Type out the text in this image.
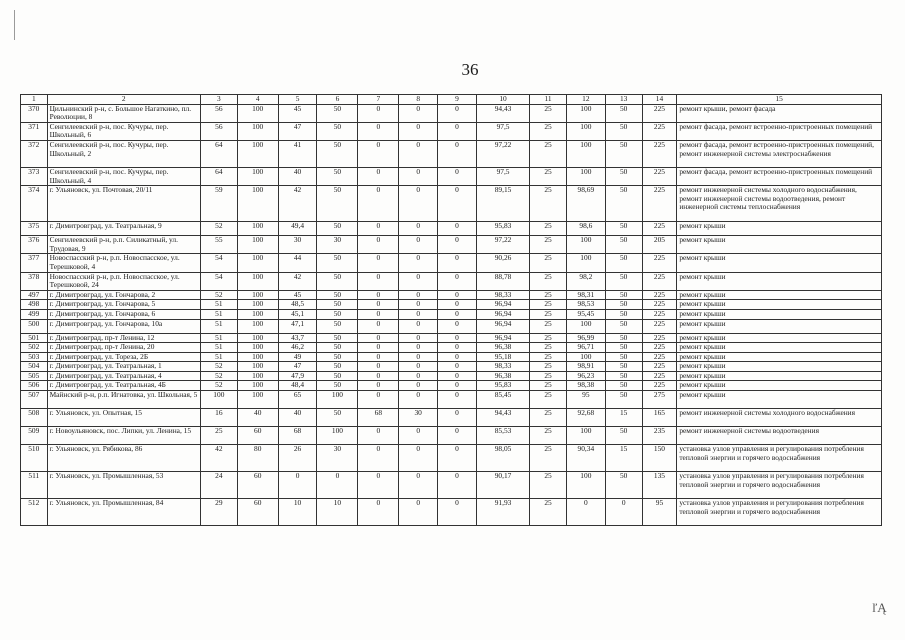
36
1	2	3	4	5	6	7	8	9	10	11	12	13	14	15
370	Цильнинский р-н, с. Большое Нагаткино, пл. Революции, 8	56	100	45	50	0	0	0	94,43	25	100	50	225	ремонт крыши, ремонт фасада
371	Сенгилеевский р-н, пос. Кучуры, пер. Школьный, 6	56	100	47	50	0	0	0	97,5	25	100	50	225	ремонт фасада, ремонт встроенно-пристроенных помещений
372	Сенгилеевский р-н, пос. Кучуры, пер. Школьный, 2	64	100	41	50	0	0	0	97,22	25	100	50	225	ремонт фасада, ремонт встроенно-пристроенных помещений, ремонт инженерной системы электроснабжения
373	Сенгилеевский р-н, пос. Кучуры, пер. Школьный, 4	64	100	40	50	0	0	0	97,5	25	100	50	225	ремонт фасада, ремонт встроенно-пристроенных помещений
374	г. Ульяновск, ул. Почтовая, 20/11	59	100	42	50	0	0	0	89,15	25	98,69	50	225	ремонт инженерной системы холодного водоснабжения, ремонт инженерной системы водоотведения, ремонт инженерной системы теплоснабжения
375	г. Димитровград, ул. Театральная, 9	52	100	49,4	50	0	0	0	95,83	25	98,6	50	225	ремонт крыши
376	Сенгилеевский р-н, р.п. Силикатный, ул. Трудовая, 9	55	100	30	30	0	0	0	97,22	25	100	50	205	ремонт крыши
377	Новоспасский р-н, р.п. Новоспасское, ул. Терешковой, 4	54	100	44	50	0	0	0	90,26	25	100	50	225	ремонт крыши
378	Новоспасский р-н, р.п. Новоспасское, ул. Терешковой, 24	54	100	42	50	0	0	0	88,78	25	98,2	50	225	ремонт крыши
497	г. Димитровград, ул. Гончарова, 2	52	100	45	50	0	0	0	98,33	25	98,31	50	225	ремонт крыши
498	г. Димитровград, ул. Гончарова, 5	51	100	48,5	50	0	0	0	96,94	25	98,53	50	225	ремонт крыши
499	г. Димитровград, ул. Гончарова, 6	51	100	45,1	50	0	0	0	96,94	25	95,45	50	225	ремонт крыши
500	г. Димитровград, ул. Гончарова, 10а	51	100	47,1	50	0	0	0	96,94	25	100	50	225	ремонт крыши
501	г. Димитровград, пр-т Ленина, 12	51	100	43,7	50	0	0	0	96,94	25	96,99	50	225	ремонт крыши
502	г. Димитровград, пр-т Ленина, 20	51	100	46,2	50	0	0	0	96,38	25	96,71	50	225	ремонт крыши
503	г. Димитровград, ул. Тореза, 2Б	51	100	49	50	0	0	0	95,18	25	100	50	225	ремонт крыши
504	г. Димитровград, ул. Театральная, 1	52	100	47	50	0	0	0	98,33	25	98,91	50	225	ремонт крыши
505	г. Димитровград, ул. Театральная, 4	52	100	47,9	50	0	0	0	96,38	25	96,23	50	225	ремонт крыши
506	г. Димитровград, ул. Театральная, 4Б	52	100	48,4	50	0	0	0	95,83	25	98,38	50	225	ремонт крыши
507	Майнский р-н, р.п. Игнатовка, ул. Школьная, 5	100	100	65	100	0	0	0	85,45	25	95	50	275	ремонт крыши
508	г. Ульяновск, ул. Опытная, 15	16	40	40	50	68	30	0	94,43	25	92,68	15	165	ремонт инженерной системы холодного водоснабжения
509	г. Новоульяновск, пос. Липки, ул. Ленина, 15	25	60	68	100	0	0	0	85,53	25	100	50	235	ремонт инженерной системы водоотведения
510	г. Ульяновск, ул. Рябикова, 86	42	80	26	30	0	0	0	98,05	25	90,34	15	150	установка узлов управления и регулирования потребления тепловой энергии и горячего водоснабжения
511	г. Ульяновск, ул. Промышленная, 53	24	60	0	0	0	0	0	90,17	25	100	50	135	установка узлов управления и регулирования потребления тепловой энергии и горячего водоснабжения
512	г. Ульяновск, ул. Промышленная, 84	29	60	10	10	0	0	0	91,93	25	0	0	95	установка узлов управления и регулирования потребления тепловой энергии и горячего водоснабжения
ľĄ
